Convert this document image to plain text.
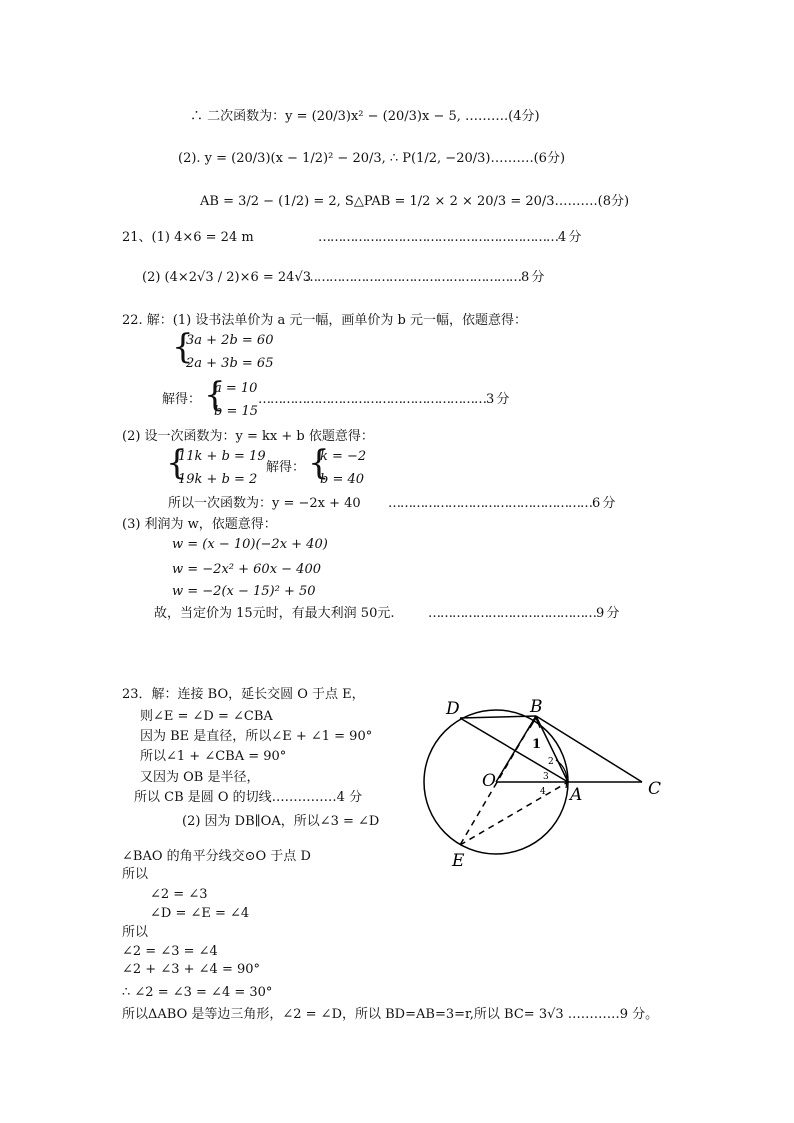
∴ 二次函数为：y = (20/3)x² − (20/3)x − 5, ……….(4分)
(2). y = (20/3)(x − 1/2)² − 20/3, ∴ P(1/2, −20/3)……….(6分)
AB = 3/2 − (1/2) = 2, S△PAB = 1/2 × 2 × 20/3 = 20/3……….(8分)
21、(1) 4×6 = 24 m	……………………………………………………4 分
(2) (4×2√3 / 2)×6 = 24√3
………………………………………………8 分
22. 解：(1) 设书法单价为 a 元一幅，画单价为 b 元一幅，依题意得：
{
3a + 2b = 60
2a + 3b = 65
解得： {
a = 10
b = 15
…………………………………………………3 分
(2) 设一次函数为：y = kx + b 依题意得：
{
11k + b = 19
19k + b = 2
解得： {
k = −2
b = 40
所以一次函数为：y = −2x + 40 ……………………………………………6 分
(3) 利润为 w，依题意得：
w = (x − 10)(−2x + 40)
w = −2x² + 60x − 400
w = −2(x − 15)² + 50
故，当定价为 15元时，有最大利润 50元.	……………………………………9 分
23．解：连接 BO，延长交圆 O 于点 E，
则∠E = ∠D = ∠CBA
因为 BE 是直径，所以∠E + ∠1 = 90°
所以∠1 + ∠CBA = 90°
又因为 OB 是半径，
所以 CB 是圆 O 的切线……………4 分
(2) 因为 DB∥OA，所以∠3 = ∠D
∠BAO 的角平分线交⊙O 于点 D
所以
∠2 = ∠3
∠D = ∠E = ∠4
所以
∠2 = ∠3 = ∠4
∠2 + ∠3 + ∠4 = 90°
∴ ∠2 = ∠3 = ∠4 = 30°
所以ΔABO 是等边三角形，∠2 = ∠D，所以 BD=AB=3=r,所以 BC= 3√3 …………9 分。
D	B
O
A	C
E
1
2
3
4
